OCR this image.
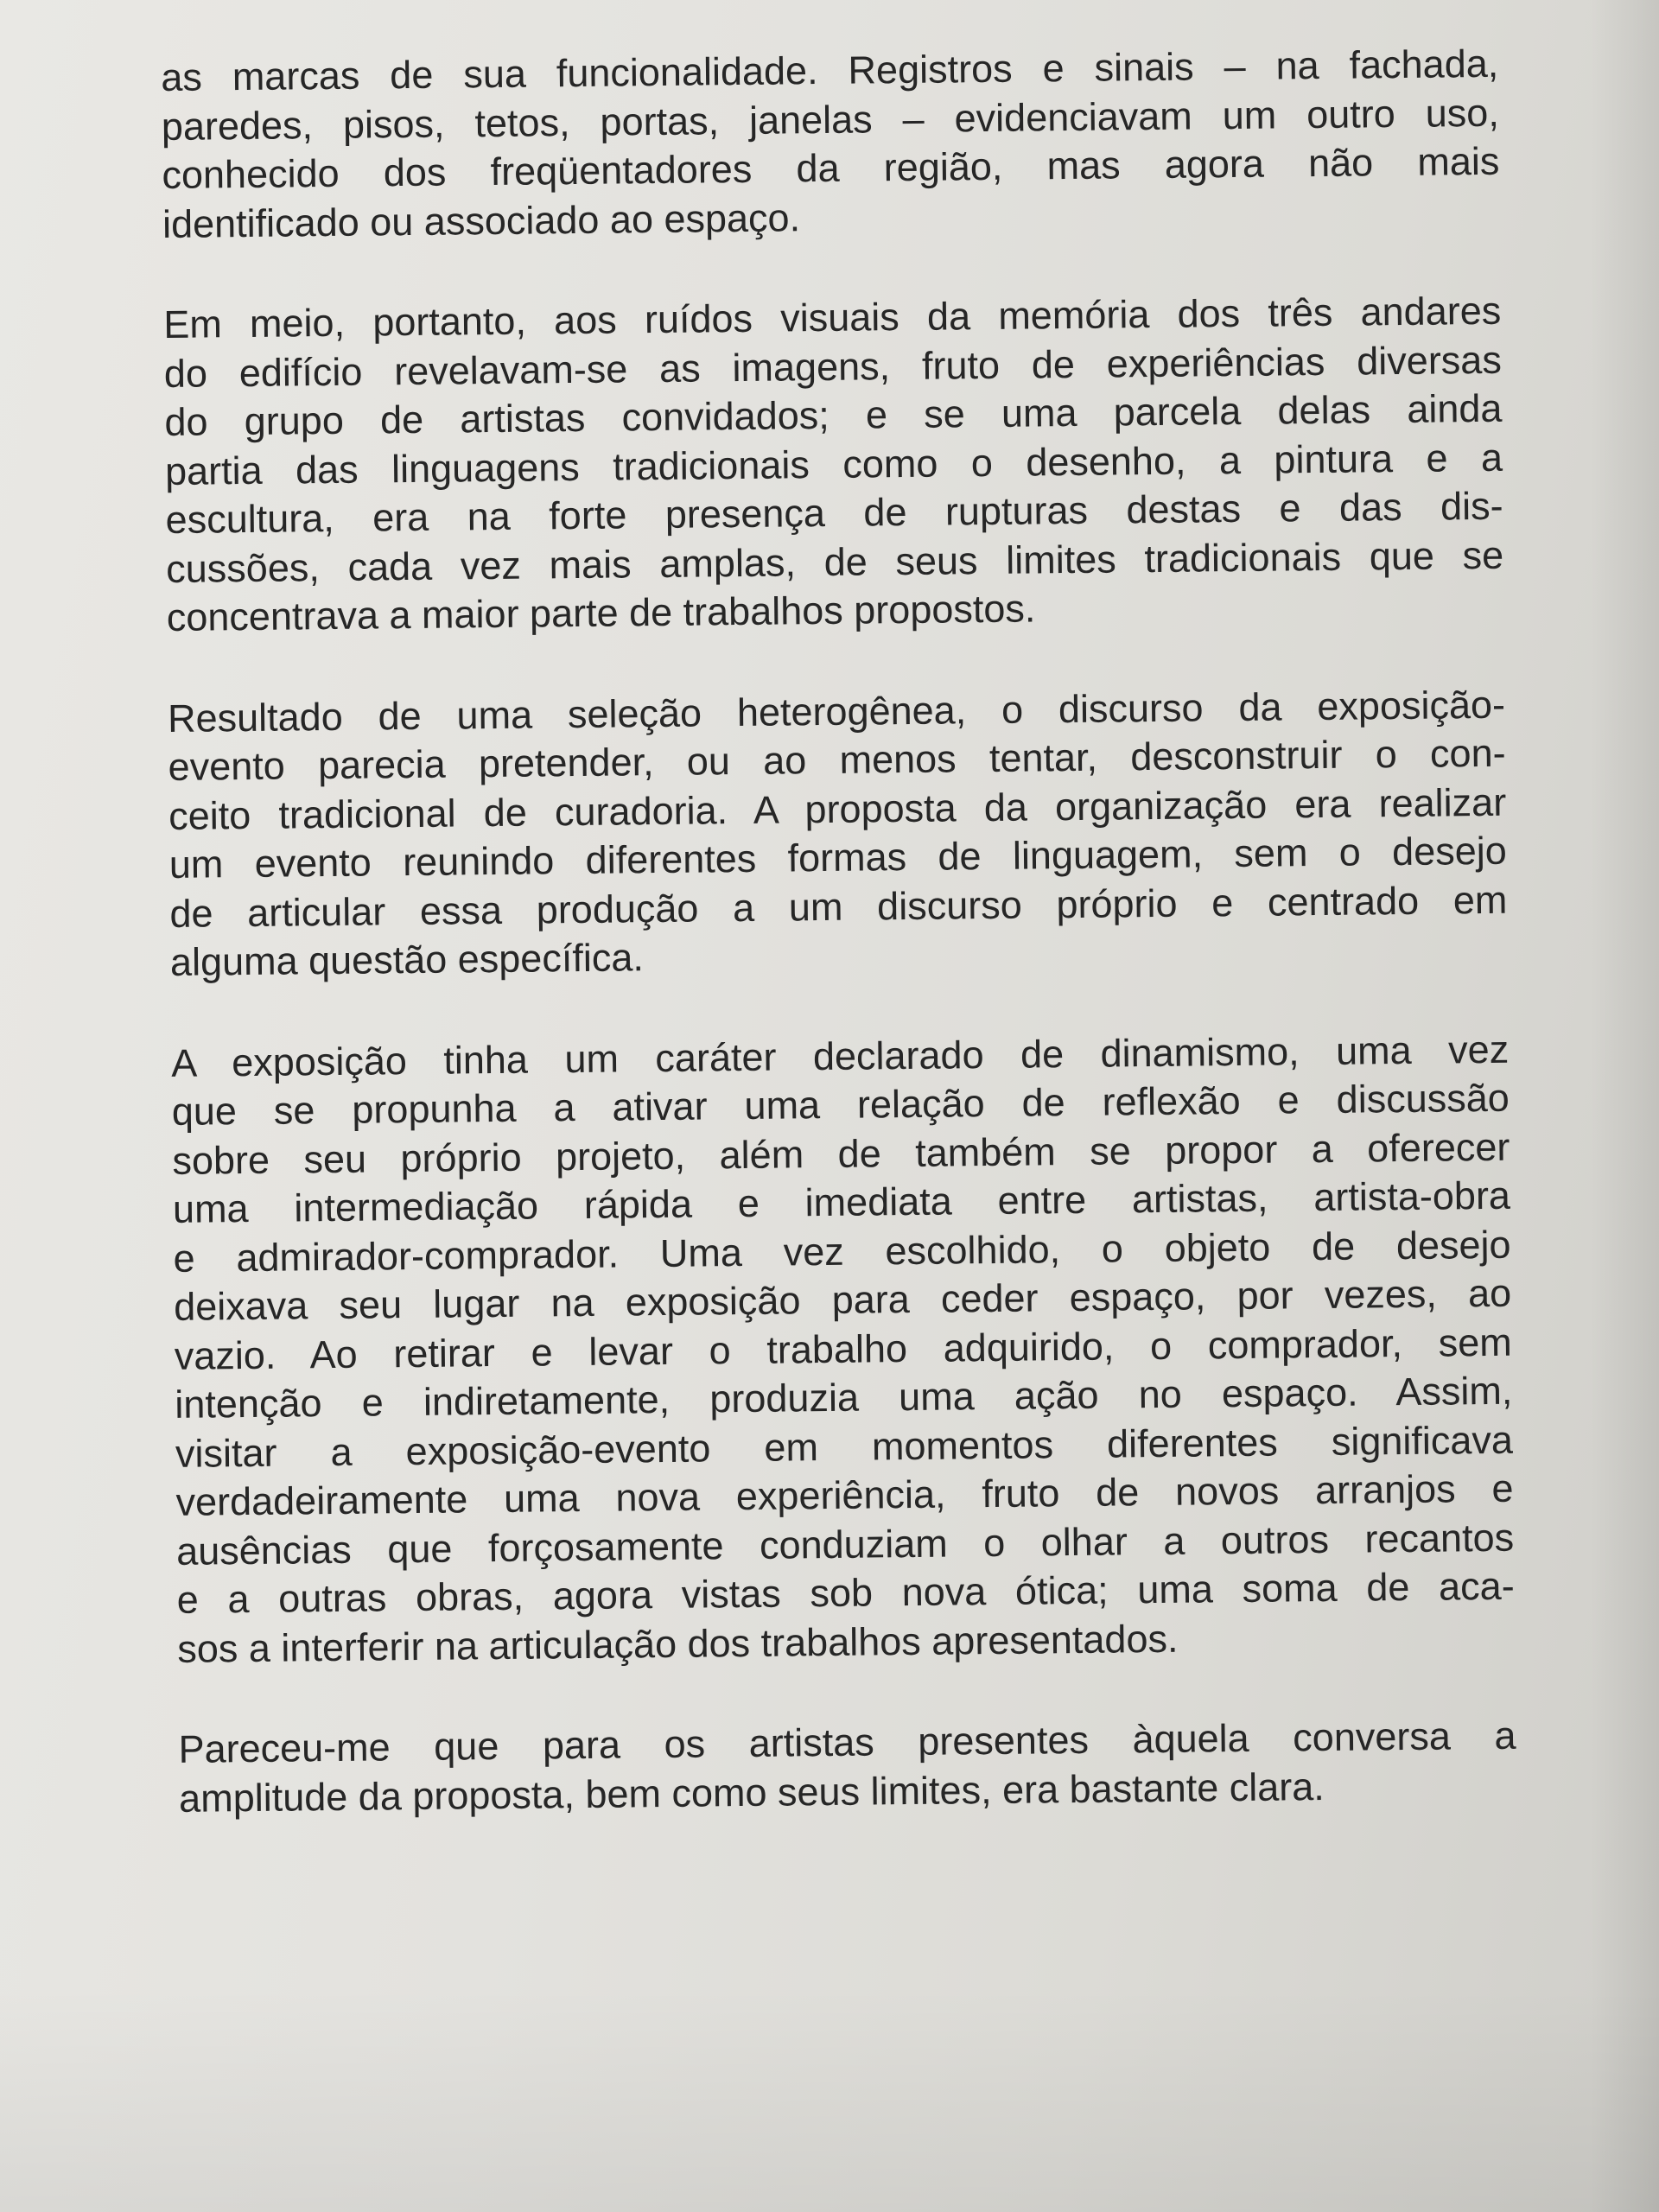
as marcas de sua funcionalidade. Registros e sinais – na fachada,
paredes, pisos, tetos, portas, janelas – evidenciavam um outro uso,
conhecido dos freqüentadores da região, mas agora não mais
identificado ou associado ao espaço.
Em meio, portanto, aos ruídos visuais da memória dos três andares
do edifício revelavam-se as imagens, fruto de experiências diversas
do grupo de artistas convidados; e se uma parcela delas ainda
partia das linguagens tradicionais como o desenho, a pintura e a
escultura, era na forte presença de rupturas destas e das dis-
cussões, cada vez mais amplas, de seus limites tradicionais que se
concentrava a maior parte de trabalhos propostos.
Resultado de uma seleção heterogênea, o discurso da exposição-
evento parecia pretender, ou ao menos tentar, desconstruir o con-
ceito tradicional de curadoria. A proposta da organização era realizar
um evento reunindo diferentes formas de linguagem, sem o desejo
de articular essa produção a um discurso próprio e centrado em
alguma questão específica.
A exposição tinha um caráter declarado de dinamismo, uma vez
que se propunha a ativar uma relação de reflexão e discussão
sobre seu próprio projeto, além de também se propor a oferecer
uma intermediação rápida e imediata entre artistas, artista-obra
e admirador-comprador. Uma vez escolhido, o objeto de desejo
deixava seu lugar na exposição para ceder espaço, por vezes, ao
vazio. Ao retirar e levar o trabalho adquirido, o comprador, sem
intenção e indiretamente, produzia uma ação no espaço. Assim,
visitar a exposição-evento em momentos diferentes significava
verdadeiramente uma nova experiência, fruto de novos arranjos e
ausências que forçosamente conduziam o olhar a outros recantos
e a outras obras, agora vistas sob nova ótica; uma soma de aca-
sos a interferir na articulação dos trabalhos apresentados.
Pareceu-me que para os artistas presentes àquela conversa a
amplitude da proposta, bem como seus limites, era bastante clara.
